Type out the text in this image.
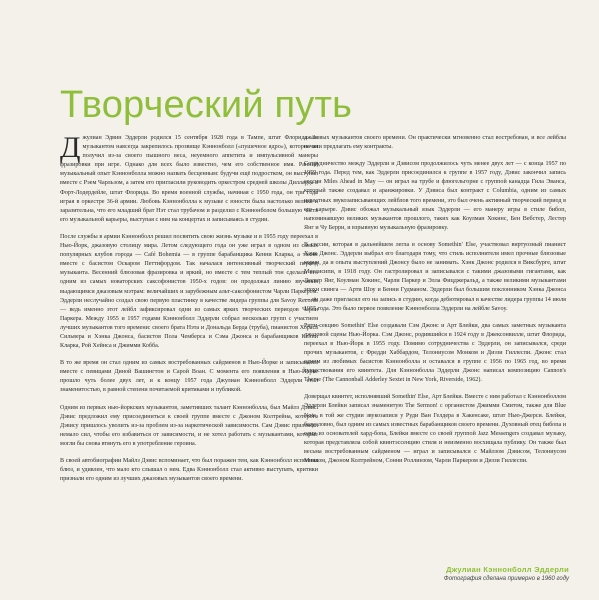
Творческий путь

Джулиан Эдвин Эддерли родился 15 сентября 1928 года в Тампе, штат Флорида. За музыкантом навсегда закрепилось прозвище Кэннонболл («пушечное ядро»), которое он получил из-за своего пышного веса, неуемного аппетита и импульсивной манеры фразировки при игре. Однако для всех было известно, чем его собственное имя. Ранний музыкальный опыт Кэннонболла можно назвать бесценным: будучи ещё подростком, он выступал вместе с Рэем Чарльзом, а затем его пригласили руководить оркестром средней школы Дилларда в Форт-Лодердейле, штат Флорида. Во время военной службы, начиная с 1950 года, он три года играя в оркестре 36-й армии. Любовь Кэннонболла к музыке с юности была настолько велика и заразительна, что его младший брат Нэт стал трубачом и разделил с Кэннонболом большую часть его музыкальной карьеры, выступая с ним на концертах и записываясь в студии.

После службы в армии Кэннонболл решил посвятить свою жизнь музыке и в 1955 году переехал в Нью-Йорк, джазовую столицу мира. Летом следующего года он уже играл в одном из самых популярных клубов города — Café Bohemia — в группе барабанщика Кенни Кларка, а также вместе с басистом Оскаром Петтифордом. Так началася интенсивный творческий период музыканта. Весенний блюзовая фразировка и яркий, но вместе с тем теплый тон сделали его одним из самых новаторских саксофонистов 1950-х годов: он продолжал линию звучания выдающимся джазовым мэтрам: величайших и зарубежным альт-саксофонистом Чарли Паркером. Эддерли неслучайно создал свою первую пластинку в качестве лидера группы для Savoy Records — ведь именно этот лейбл зафиксировал одни из самых ярких творческих периодов Чарли Паркера. Между 1955 и 1957 годами Кэннонболл Эддерли собрал несколько групп с участием лучших музыкантов того времени: своего брата Нэта и Дональда Берда (труба), пианистов Хораса Сильвера и Хэнка Джонса, басистов Пола Чемберса и Сэма Джонса и барабанщиков Кенни Кларка, Рой Хейнса и Джимми Кобба.

В то же время он стал одним из самых востребованных сайдменов в Нью-Йорке и записывался вместе с певицами Диной Вашингтон и Сарой Воан. С момента его появления в Нью-Йорке прошло чуть более двух лет, и к концу 1957 года Джулиан Кэннонболл Эддерли стал знаменитостью, в равной степени почитаемой критиками и публикой.

Одним из первых нью-йоркских музыкантов, заметивших талант Кэннонболла, был Майлз Дэвис. Дэвис предложил ему присоединиться к своей группе вместе с Джоном Колтрейна, которого Дэвису пришлось уволить из-за проблем из-за наркотической зависимости. Сам Дэвис приложил немало сил, чтобы его избавиться от зависимости, и не хотел работать с музыкантами, которые могли бы снова втянуть его в употребление героина.

В своей автобиографии Майлз Дэвис вспоминает, что был поражен тем, как Кэннонболл исполнял блюз, и удивлен, что мало кто слышал о нем. Едва Кэннонболл стал активно выступать, критики признали его одним из лучших джазовых музыкантов своего времени.

джазовых музыкантов своего времени. Он практически мгновенно стал востребован, и все лейблы начали предлагать ему контракты.

Сотрудничество между Эддерли и Дэвисом продолжилось чуть менее двух лет — с конца 1957 по 1959 года. Перед тем, как Эддерли присоединился к группе в 1957 году, Дэвис закончил запись сессии Miles Ahead in May — он играл на трубе и флюгельгорне с группой канадца Гила Эванса, который также создавал и аранжировки. У Дэвиса был контракт с Columbia, одним из самых известных звукозаписывающих лейблов того времени, это был очень активный творческий период в его карьере. Дэвис обожал музыкальный язык Эддерли — его манеру игры в стиле бибоп, напоминавшую великих музыкантов прошлого, таких как Коулман Хокинс, Бен Вебстер, Лестер Янг и Чу Берри, и взрывную музыкальную фразировку.

В сессии, которая в дальнейшем легла в основу Somethin' Else, участвовал виртуозный пианист Хэнк Джонс. Эддерли выбрал его благодаря тому, что стиль исполнителя имел прочные блюзовые корни, да и опыта выступлений Джонсу было не занимать. Хэнк Джонс родился в Виксбурге, штат Миссисипи, в 1918 году. Он гастролировал и записывался с такими джазовыми гигантами, как Лестер Янг, Коулман Хокинс, Чарли Паркер и Элла Фицджеральд, а также великими музыкантами эпохи свинга — Арти Шоу и Бенни Гудманом. Эддерли был большим поклонником Хэнка Джонса — он даже пригласил его на запись в студию, когда дебютировал в качестве лидера группы 14 июля 1955 года. Это было первое появление Кэннонболла Эддерли на лейбле Savoy.

Ритм-секцию Somethin' Else создавали Сэм Джонс и Арт Блейки, два самых заметных музыканта джазовой сцены Нью-Йорка. Сэм Джонс, родившийся в 1924 году в Джексонвилле, штат Флорида, переехал в Нью-Йорк в 1955 году. Помимо сотрудничества с Эддерли, он записывался, среди прочих музыкантов, с Фредди Хаббардом, Телониусом Монком и Диззи Гиллеспи. Джонс стал одним из любимых басистов Кэннонболла и оставался в группе с 1956 по 1965 год, во время существования его квинтета. Для Кэннонболла Эддерли Джонс написал композицию Cannon's Theme (The Cannonball Adderley Sextet in New York, Riverside, 1962).

Доверщал квинтет, исполнявший Somethin' Else, Арт Блейки. Вместе с ним работал с Кэннонболлом Эддерли Блейки записал знаменитую The Sermon! с органистом Джимми Смитом, также для Blue Note, в той же студии звукозаписи у Руди Ван Гелдера в Хакенсаке, штат Нью-Джерси. Блейки, безусловно, был одним из самых известных барабанщиков своего времени. Духовный отец бибопа и один из основателей хард-бопа, Блейки вместе со своей группой Jazz Messengers создавал музыку, которая представляла собой квинтэссенцию стиля и неизменно восхищала публику. Он также был весьма востребованным сайдменом — играл и записывался с Майлзом Дэвисом, Телониусом Монком, Джоном Колтрейном, Сонни Роллинзом, Чарли Паркером и Диззи Гиллеспи.

Джулиан Кэннонболл Эддерли
Фотография сделана примерно в 1960 году
